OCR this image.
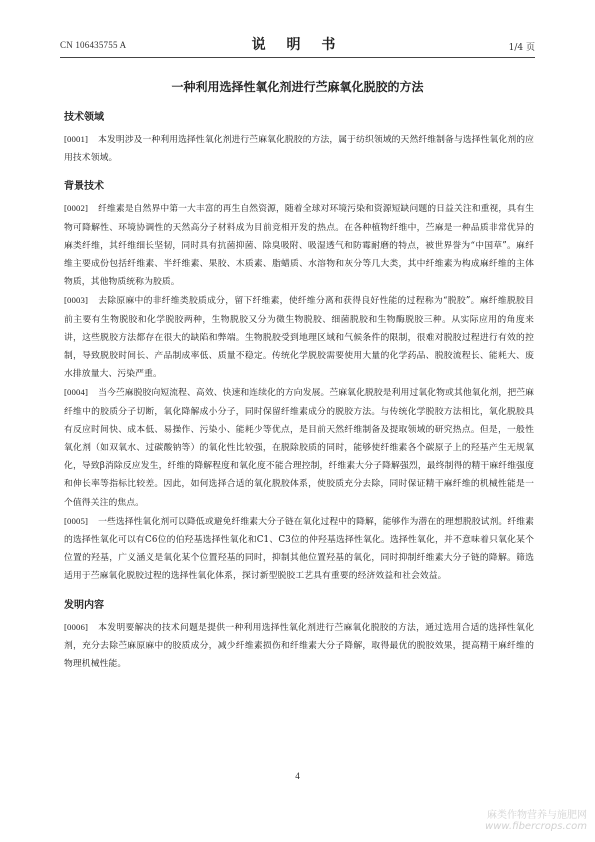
CN 106435755 A	说 明 书	1/4 页
一种利用选择性氧化剂进行苎麻氧化脱胶的方法
技术领域

[0001] 本发明涉及一种利用选择性氧化剂进行苎麻氧化脱胶的方法，属于纺织领域的天然纤维制备与选择性氧化剂的应用技术领域。

背景技术

[0002] 纤维素是自然界中第一大丰富的再生自然资源，随着全球对环境污染和资源短缺问题的日益关注和重视，具有生物可降解性、环境协调性的天然高分子材料成为目前竞相开发的热点。在各种植物纤维中，苎麻是一种品质非常优异的麻类纤维，其纤维细长坚韧，同时具有抗菌抑菌、除臭吸附、吸湿透气和防霉耐磨的特点，被世界誉为“中国草”。麻纤维主要成份包括纤维素、半纤维素、果胶、木质素、脂蜡质、水溶物和灰分等几大类，其中纤维素为构成麻纤维的主体物质，其他物质统称为胶质。

[0003] 去除原麻中的非纤维类胶质成分，留下纤维素，使纤维分离和获得良好性能的过程称为“脱胶”。麻纤维脱胶目前主要有生物脱胶和化学脱胶两种，生物脱胶又分为微生物脱胶、细菌脱胶和生物酶脱胶三种。从实际应用的角度来讲，这些脱胶方法都存在很大的缺陷和弊端。生物脱胶受到地理区域和气候条件的限制，很难对脱胶过程进行有效的控制，导致脱胶时间长、产品制成率低、质量不稳定。传统化学脱胶需要使用大量的化学药品、脱胶流程长、能耗大、废水排放量大、污染严重。

[0004] 当今苎麻脱胶向短流程、高效、快速和连续化的方向发展。苎麻氧化脱胶是利用过氧化物或其他氧化剂，把苎麻纤维中的胶质分子切断，氧化降解成小分子，同时保留纤维素成分的脱胶方法。与传统化学脱胶方法相比，氧化脱胶具有反应时间快、成本低、易操作、污染小、能耗少等优点，是目前天然纤维制备及提取领域的研究热点。但是，一般性氧化剂（如双氧水、过碳酸钠等）的氧化性比较强，在脱除胶质的同时，能够使纤维素各个碳原子上的羟基产生无规氧化，导致β消除反应发生，纤维的降解程度和氧化度不能合理控制，纤维素大分子降解强烈，最终制得的精干麻纤维强度和伸长率等指标比较差。因此，如何选择合适的氧化脱胶体系，使胶质充分去除，同时保证精干麻纤维的机械性能是一个值得关注的焦点。

[0005] 一些选择性氧化剂可以降低或避免纤维素大分子链在氧化过程中的降解，能够作为潜在的理想脱胶试剂。纤维素的选择性氧化可以有C6位的伯羟基选择性氧化和C1、C3位的仲羟基选择性氧化。选择性氧化，并不意味着只氧化某个位置的羟基，广义涵义是氧化某个位置羟基的同时，抑制其他位置羟基的氧化，同时抑制纤维素大分子链的降解。筛选适用于苎麻氧化脱胶过程的选择性氧化体系，探讨新型脱胶工艺具有重要的经济效益和社会效益。

发明内容

[0006] 本发明要解决的技术问题是提供一种利用选择性氧化剂进行苎麻氧化脱胶的方法，通过选用合适的选择性氧化剂，充分去除苎麻原麻中的胶质成分，减少纤维素损伤和纤维素大分子降解，取得最优的脱胶效果，提高精干麻纤维的物理机械性能。

4
麻类作物营养与施肥网
www.fibercrops.com
